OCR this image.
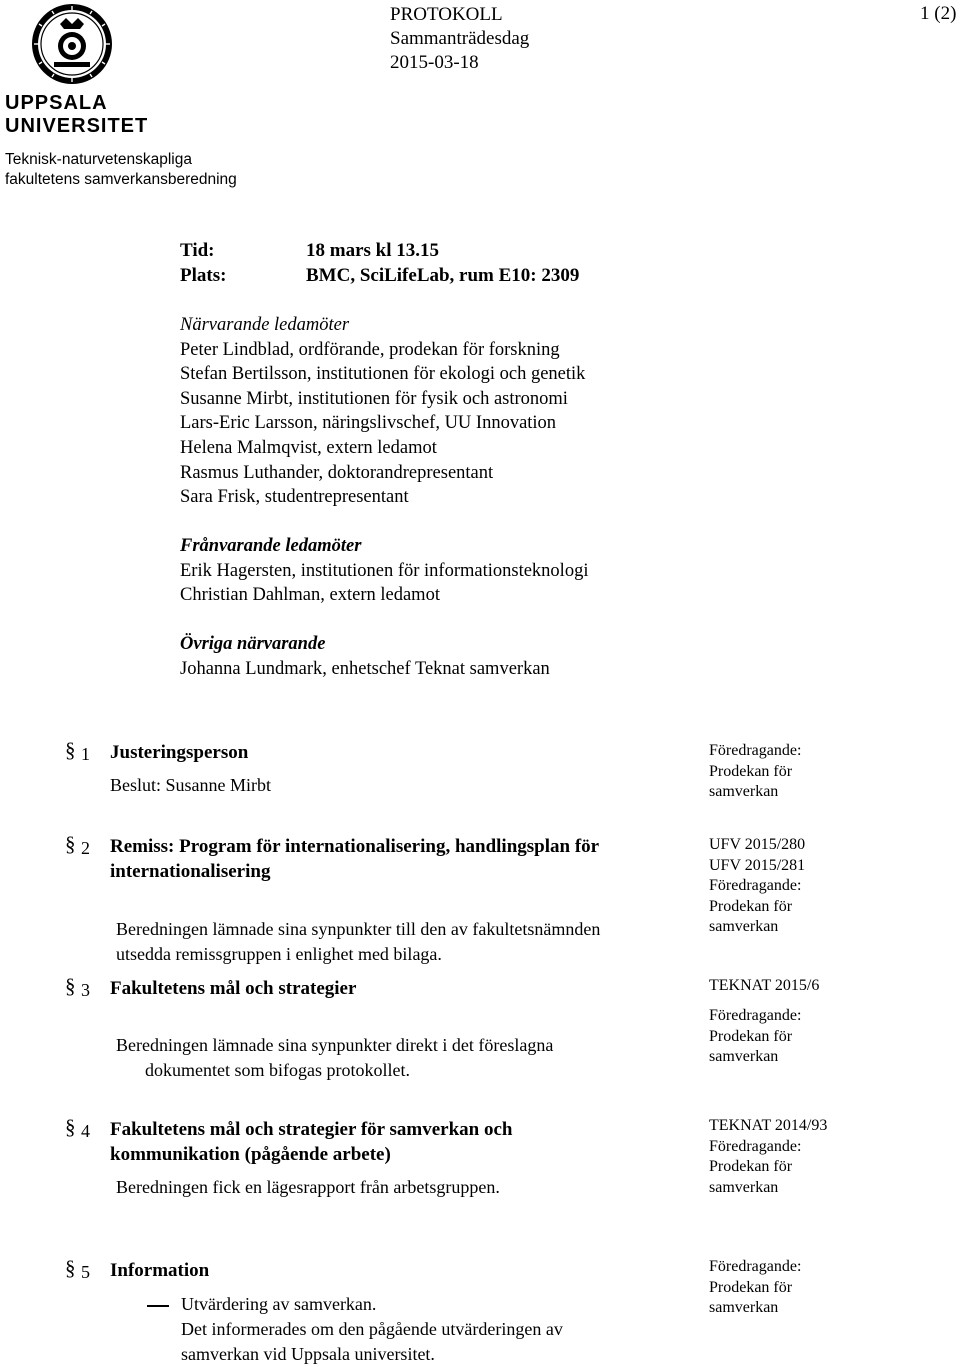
UPPSALA
UNIVERSITET
Teknisk-naturvetenskapliga
fakultetens samverkansberedning
PROTOKOLL
Sammanträdesdag
2015-03-18
1 (2)
Tid:	18 mars kl 13.15
Plats:	BMC, SciLifeLab, rum E10: 2309
Närvarande ledamöter
Peter Lindblad, ordförande, prodekan för forskning
Stefan Bertilsson, institutionen för ekologi och genetik
Susanne Mirbt, institutionen för fysik och astronomi
Lars-Eric Larsson, näringslivschef, UU Innovation
Helena Malmqvist, extern ledamot
Rasmus Luthander, doktorandrepresentant
Sara Frisk, studentrepresentant
Frånvarande ledamöter
Erik Hagersten, institutionen för informationsteknologi
Christian Dahlman, extern ledamot
Övriga närvarande
Johanna Lundmark, enhetschef Teknat samverkan
§ 1 Justeringsperson
Beslut: Susanne Mirbt
Föredragande:
Prodekan för
samverkan
§ 2 Remiss: Program för internationalisering, handlingsplan för
internationalisering
Beredningen lämnade sina synpunkter till den av fakultetsnämnden
utsedda remissgruppen i enlighet med bilaga.
UFV 2015/280
UFV 2015/281
Föredragande:
Prodekan för
samverkan
§ 3 Fakultetens mål och strategier	TEKNAT 2015/6
Beredningen lämnade sina synpunkter direkt i det föreslagna
dokumentet som bifogas protokollet.
Föredragande:
Prodekan för
samverkan
§ 4 Fakultetens mål och strategier för samverkan och
kommunikation (pågående arbete)
Beredningen fick en lägesrapport från arbetsgruppen.
TEKNAT 2014/93
Föredragande:
Prodekan för
samverkan
§ 5 Information
Utvärdering av samverkan.
Det informerades om den pågående utvärderingen av
samverkan vid Uppsala universitet.
Föredragande:
Prodekan för
samverkan
